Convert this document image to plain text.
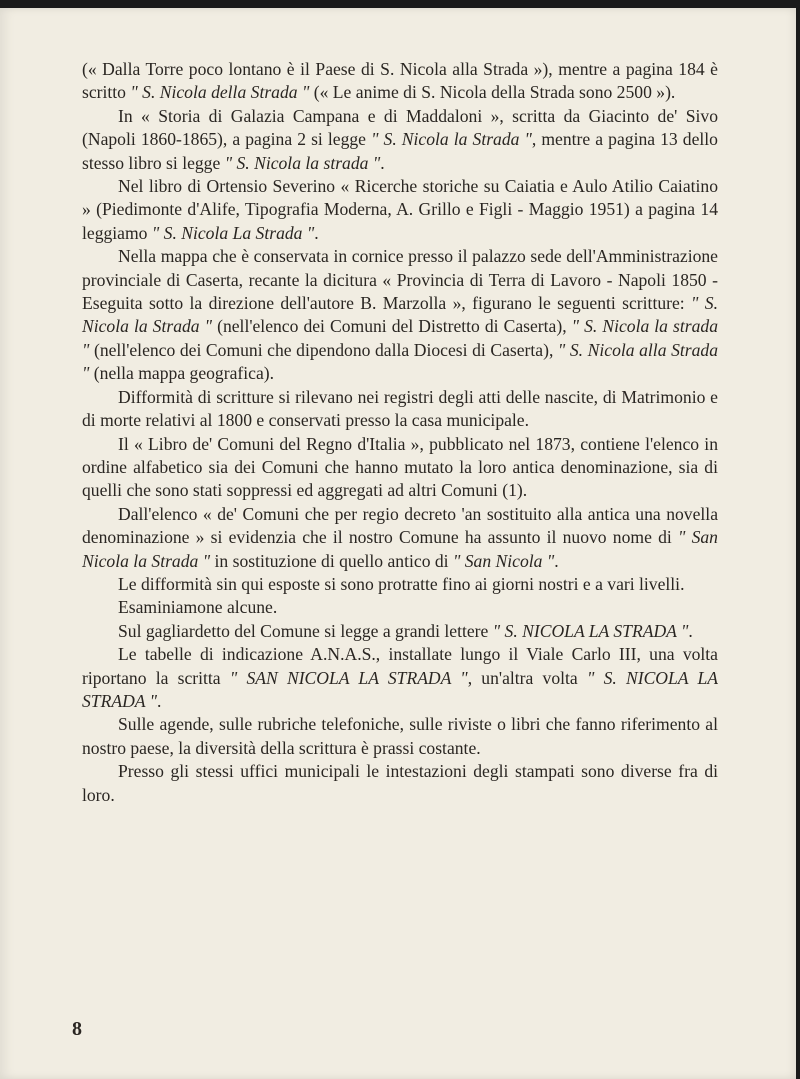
(« Dalla Torre poco lontano è il Paese di S. Nicola alla Strada »), mentre a pagina 184 è scritto " S. Nicola della Strada " (« Le anime di S. Nicola della Strada sono 2500 »).

In « Storia di Galazia Campana e di Maddaloni », scritta da Giacinto de' Sivo (Napoli 1860-1865), a pagina 2 si legge " S. Nicola la Strada ", mentre a pagina 13 dello stesso libro si legge " S. Nicola la strada ".

Nel libro di Ortensio Severino « Ricerche storiche su Caiatia e Aulo Atilio Caiatino » (Piedimonte d'Alife, Tipografia Moderna, A. Grillo e Figli - Maggio 1951) a pagina 14 leggiamo " S. Nicola La Strada ".

Nella mappa che è conservata in cornice presso il palazzo sede dell'Amministrazione provinciale di Caserta, recante la dicitura « Provincia di Terra di Lavoro - Napoli 1850 - Eseguita sotto la direzione dell'autore B. Marzolla », figurano le seguenti scritture: " S. Nicola la Strada " (nell'elenco dei Comuni del Distretto di Caserta), " S. Nicola la strada " (nell'elenco dei Comuni che dipendono dalla Diocesi di Caserta), " S. Nicola alla Strada " (nella mappa geografica).

Difformità di scritture si rilevano nei registri degli atti delle nascite, di Matrimonio e di morte relativi al 1800 e conservati presso la casa municipale.

Il « Libro de' Comuni del Regno d'Italia », pubblicato nel 1873, contiene l'elenco in ordine alfabetico sia dei Comuni che hanno mutato la loro antica denominazione, sia di quelli che sono stati soppressi ed aggregati ad altri Comuni (1).

Dall'elenco « de' Comuni che per regio decreto 'an sostituito alla antica una novella denominazione » si evidenzia che il nostro Comune ha assunto il nuovo nome di " San Nicola la Strada " in sostituzione di quello antico di " San Nicola ".

Le difformità sin qui esposte si sono protratte fino ai giorni nostri e a vari livelli.

Esaminiamone alcune.

Sul gagliardetto del Comune si legge a grandi lettere " S. NICOLA LA STRADA ".

Le tabelle di indicazione A.N.A.S., installate lungo il Viale Carlo III, una volta riportano la scritta " SAN NICOLA LA STRADA ", un'altra volta " S. NICOLA LA STRADA ".

Sulle agende, sulle rubriche telefoniche, sulle riviste o libri che fanno riferimento al nostro paese, la diversità della scrittura è prassi costante.

Presso gli stessi uffici municipali le intestazioni degli stampati sono diverse fra di loro.

8
